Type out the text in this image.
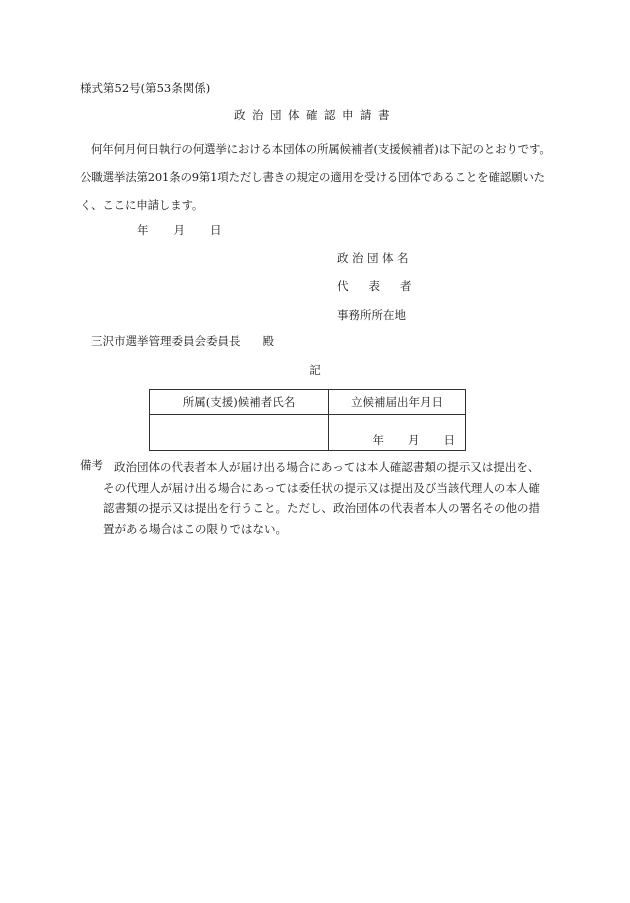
様式第52号(第53条関係)
政治団体確認申請書
何年何月何日執行の何選挙における本団体の所属候補者(支援候補者)は下記のとおりです。公職選挙法第201条の9第1項ただし書きの規定の適用を受ける団体であることを確認願いたく、ここに申請します。
年 月 日
政治団体名
代 表 者
事務所所在地
三沢市選挙管理委員会委員長 殿
記
所属(支援)候補者氏名	立候補届出年月日
	年 月 日
備考 政治団体の代表者本人が届け出る場合にあっては本人確認書類の提示又は提出を、
その代理人が届け出る場合にあっては委任状の提示又は提出及び当該代理人の本人確
認書類の提示又は提出を行うこと。ただし、政治団体の代表者本人の署名その他の措
置がある場合はこの限りではない。
